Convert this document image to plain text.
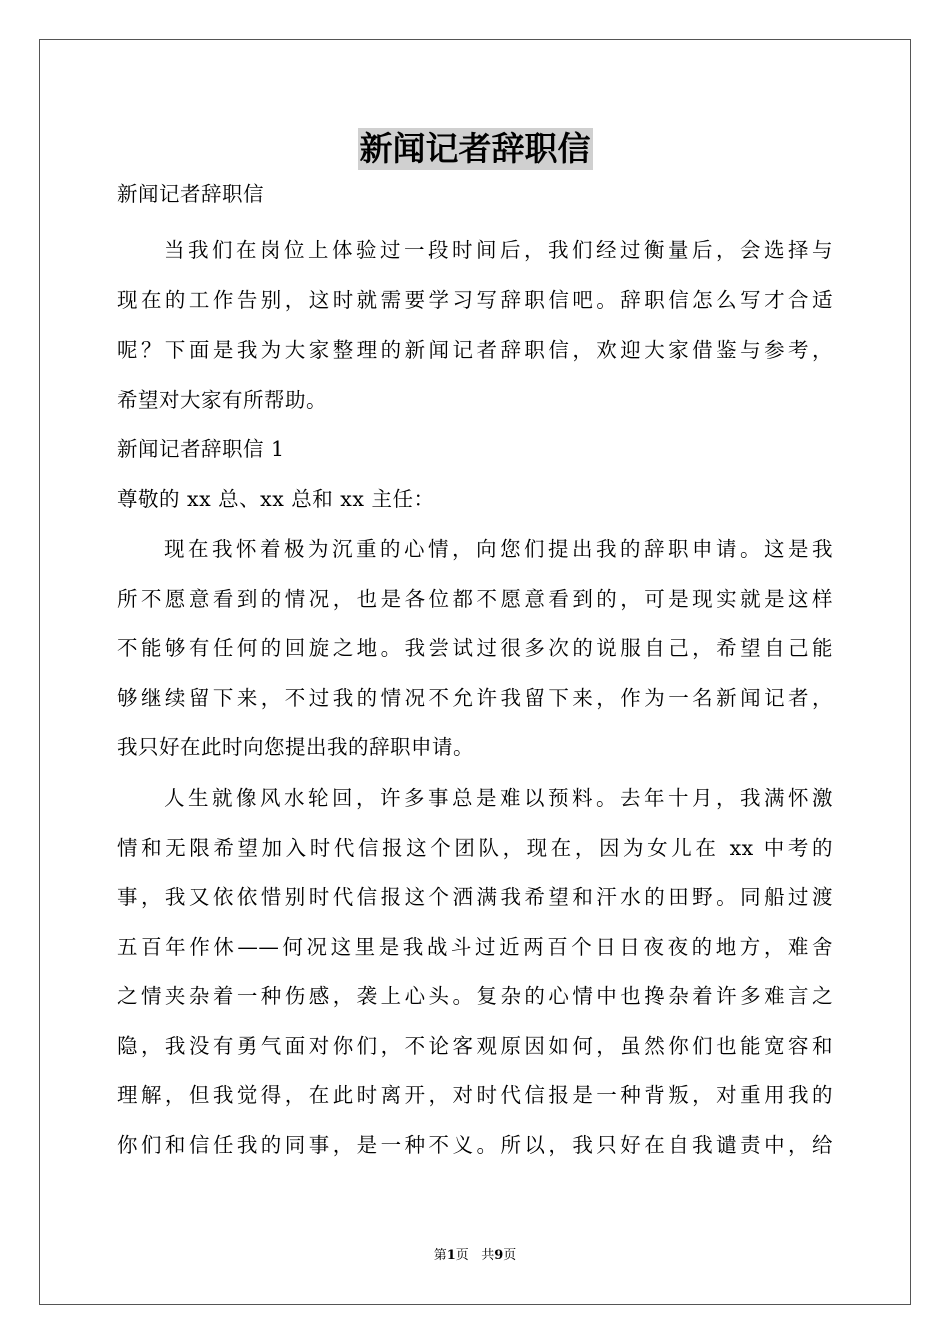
新闻记者辞职信
新闻记者辞职信
当我们在岗位上体验过一段时间后，我们经过衡量后，会选择与
现在的工作告别，这时就需要学习写辞职信吧。辞职信怎么写才合适
呢？下面是我为大家整理的新闻记者辞职信，欢迎大家借鉴与参考，
希望对大家有所帮助。
新闻记者辞职信 1
尊敬的 xx 总、xx 总和 xx 主任：
现在我怀着极为沉重的心情，向您们提出我的辞职申请。这是我
所不愿意看到的情况，也是各位都不愿意看到的，可是现实就是这样
不能够有任何的回旋之地。我尝试过很多次的说服自己，希望自己能
够继续留下来，不过我的情况不允许我留下来，作为一名新闻记者，
我只好在此时向您提出我的辞职申请。
人生就像风水轮回，许多事总是难以预料。去年十月，我满怀激
情和无限希望加入时代信报这个团队，现在，因为女儿在 xx 中考的
事，我又依依惜别时代信报这个洒满我希望和汗水的田野。同船过渡
五百年作休——何况这里是我战斗过近两百个日日夜夜的地方，难舍
之情夹杂着一种伤感，袭上心头。复杂的心情中也搀杂着许多难言之
隐，我没有勇气面对你们，不论客观原因如何，虽然你们也能宽容和
理解，但我觉得，在此时离开，对时代信报是一种背叛，对重用我的
你们和信任我的同事，是一种不义。所以，我只好在自我谴责中，给
第1页 共9页
